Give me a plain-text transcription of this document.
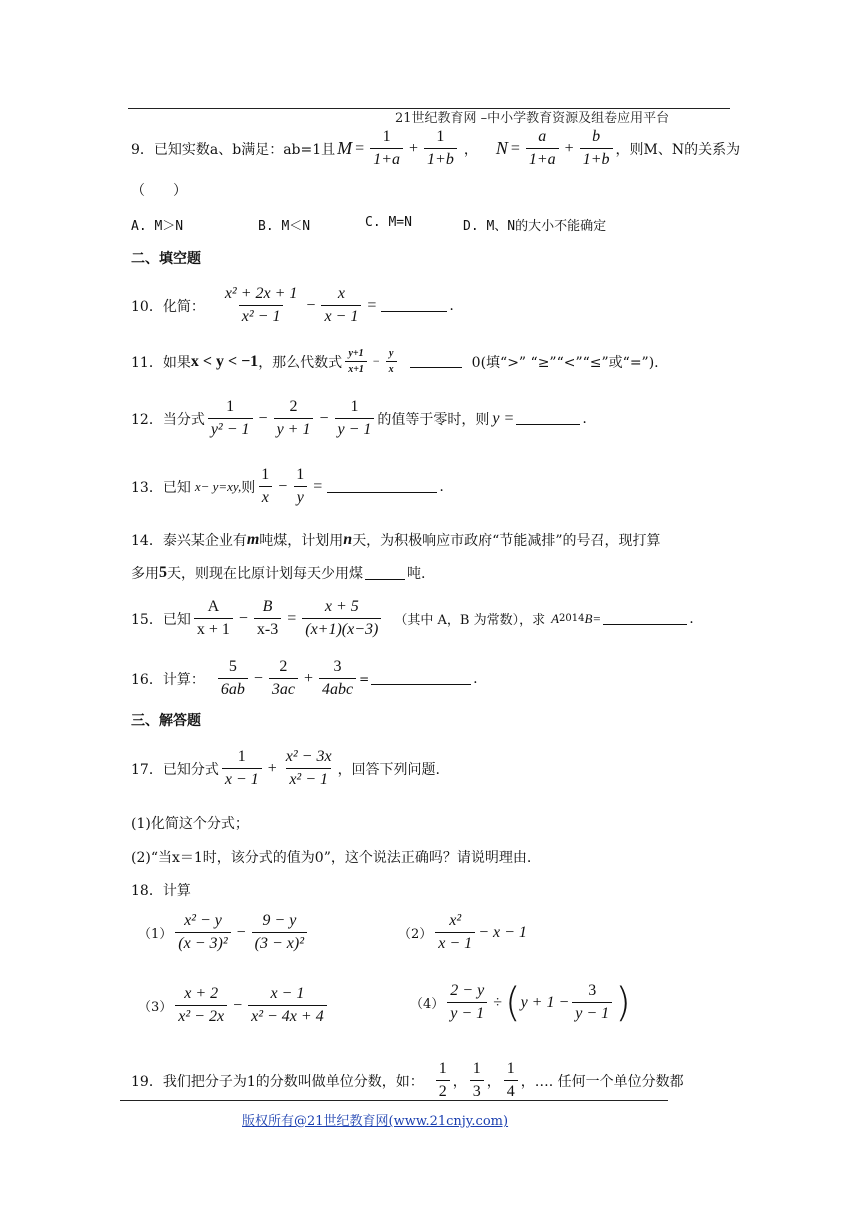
21世纪教育网 –中小学教育资源及组卷应用平台
版权所有@21世纪教育网(www.21cnjy.com)
9．已知实数a、b满足：ab=1且 $M = \frac{1}{1+a} + \frac{1}{1+b}$ ， $N = \frac{a}{1+a} + \frac{b}{1+b}$ ，则M、N的关系为
（　　）
A. M＞N	B. M＜N	C. M=N	D. M、N的大小不能确定
二、填空题
10．化简： $\frac{\text{x² + 2x + 1}}{\text{x² − 1}} - \frac{x}{x - 1}$ =	.
11．如果 x < y < −1 ，那么代数式 $\frac{y+1}{x+1} - \frac{y}{x}$	0(填“>” “≥”“<”“≤”或“=”).
12．当分式 $\frac{1}{\text{y² − 1}} - \frac{2}{y + 1} - \frac{1}{y - 1}$ 的值等于零时，则 y =	.
13．已知 x− y=xy, 则 $\frac{1}{x} - \frac{1}{y}$ =	.
14．泰兴某企业有 m 吨煤，计划用 n 天，为积极响应市政府“节能减排”的号召，现打算
多用 5 天，则现在比原计划每天少用煤	吨.
15．已知 $\frac{A}{x + 1} - \frac{B}{x-3} = \frac{x + 5}{(x+1)(x-3)}$ （其中 A，B 为常数），求 A 2014 B=	.
16．计算： $\frac{5}{6ab} - \frac{2}{3ac} + \frac{3}{\text{4abc}}$ =	.
三、解答题
17．已知分式 $\frac{1}{x - 1} + \frac{\text{x² − 3x}}{\text{x² − 1}}$ ，回答下列问题.
(1)化简这个分式；
(2)“当x＝1时，该分式的值为0”，这个说法正确吗？请说明理由.
18．计算
$(1) \frac{\text{x² − y}}{\text{(x − 3)²}} - \frac{9 - y}{\text{(3 − x)²}}$	$(2) \frac{\text{x²}}{x - 1} - x - 1$
$(3) \frac{x + 2}{\text{x² − 2x}} - \frac{x - 1}{\text{x² − 4x + 4}}$	$(4) \frac{2 - y}{y - 1}$ ÷ ( $y + 1 - \frac{3}{y - 1}$ )
19．我们把分子为1的分数叫做单位分数，如： $\frac{1}{2}$ ， $\frac{1}{3}$ ， $\frac{1}{4}$ ，…. 任何一个单位分数都
